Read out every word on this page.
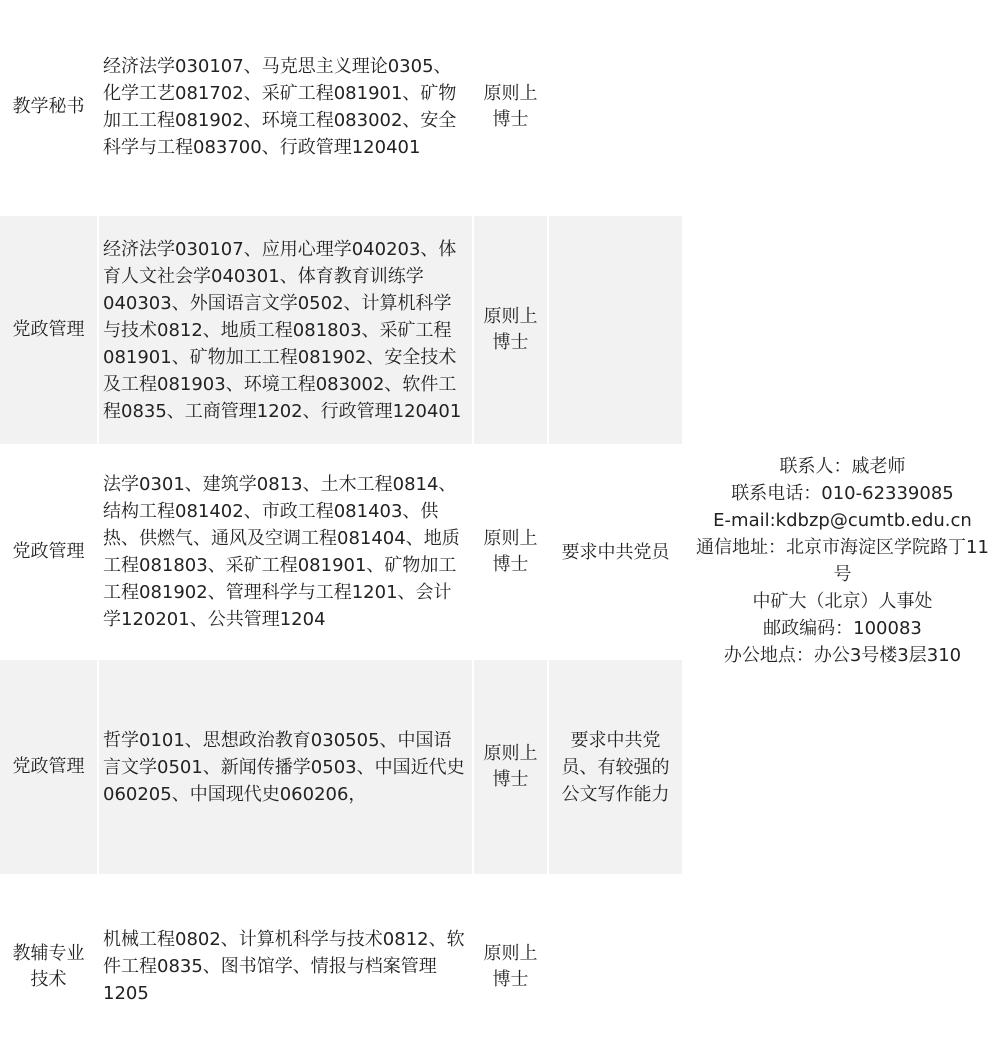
教学秘书
经济法学030107、马克思主义理论0305、化学工艺081702、采矿工程081901、矿物加工工程081902、环境工程083002、安全科学与工程083700、行政管理120401
原则上博士
党政管理
经济法学030107、应用心理学040203、体育人文社会学040301、体育教育训练学040303、外国语言文学0502、计算机科学与技术0812、地质工程081803、采矿工程081901、矿物加工工程081902、安全技术及工程081903、环境工程083002、软件工程0835、工商管理1202、行政管理120401
原则上博士
党政管理
法学0301、建筑学0813、土木工程0814、结构工程081402、市政工程081403、供热、供燃气、通风及空调工程081404、地质工程081803、采矿工程081901、矿物加工工程081902、管理科学与工程1201、会计学120201、公共管理1204
原则上博士
要求中共党员
党政管理
哲学0101、思想政治教育030505、中国语言文学0501、新闻传播学0503、中国近代史060205、中国现代史060206，
原则上博士
要求中共党员、有较强的公文写作能力
教辅专业技术
机械工程0802、计算机科学与技术0812、软件工程0835、图书馆学、情报与档案管理1205
原则上博士
联系人：戚老师
联系电话：010-62339085
E-mail:kdbzp@cumtb.edu.cn
通信地址：北京市海淀区学院路丁11号
中矿大（北京）人事处
邮政编码：100083
办公地点：办公3号楼3层310
